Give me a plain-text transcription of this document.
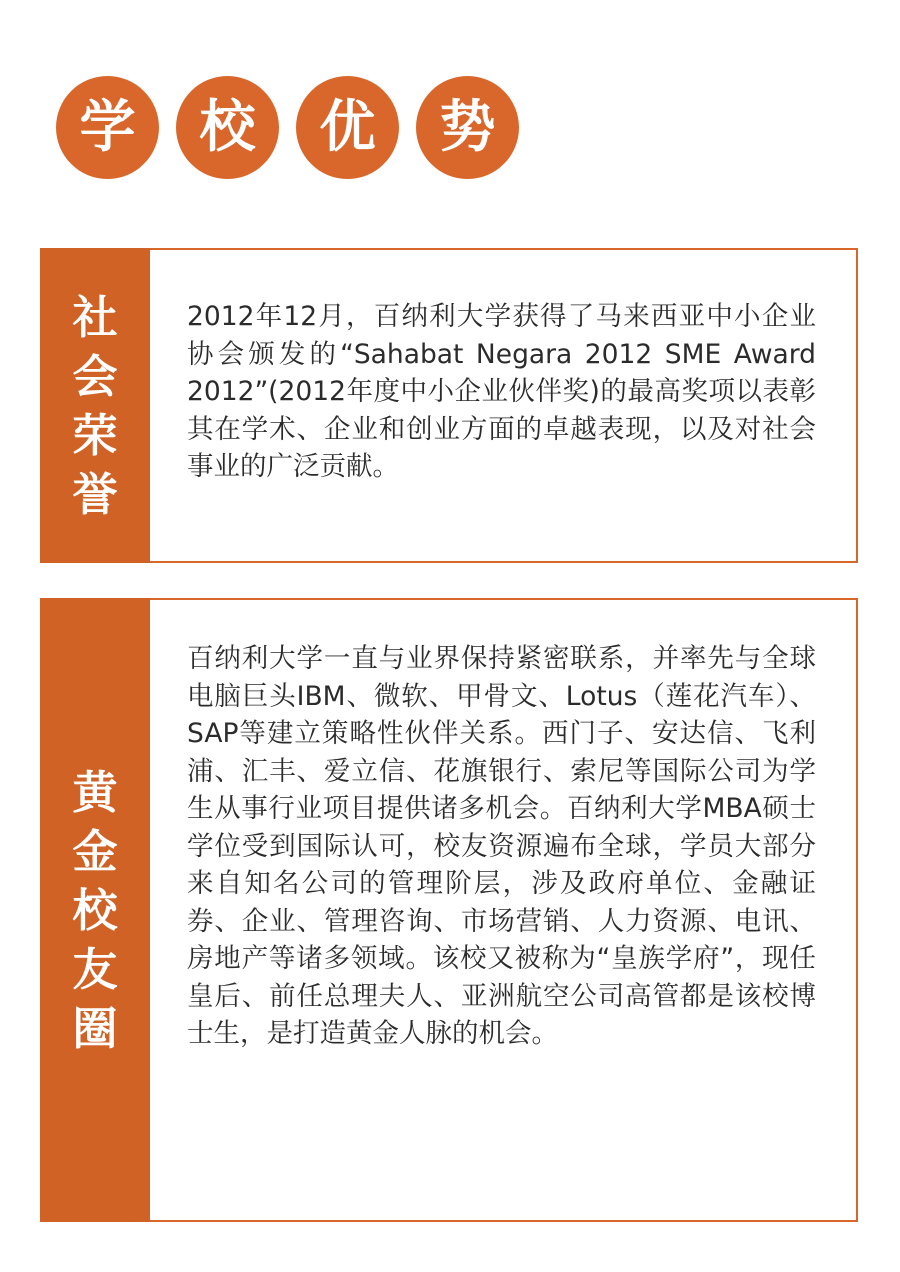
学	校	优	势
社
会
荣
誉

2012年12月，百纳利大学获得了马来西亚中小企业协会颁发的“Sahabat Negara 2012 SME Award 2012”(2012年度中小企业伙伴奖)的最高奖项以表彰其在学术、企业和创业方面的卓越表现，以及对社会事业的广泛贡献。

黄
金
校
友
圈

百纳利大学一直与业界保持紧密联系，并率先与全球电脑巨头IBM、微软、甲骨文、Lotus（莲花汽车）、SAP等建立策略性伙伴关系。西门子、安达信、飞利浦、汇丰、爱立信、花旗银行、索尼等国际公司为学生从事行业项目提供诸多机会。百纳利大学MBA硕士学位受到国际认可，校友资源遍布全球，学员大部分来自知名公司的管理阶层，涉及政府单位、金融证券、企业、管理咨询、市场营销、人力资源、电讯、房地产等诸多领域。该校又被称为“皇族学府”，现任皇后、前任总理夫人、亚洲航空公司高管都是该校博士生，是打造黄金人脉的机会。
